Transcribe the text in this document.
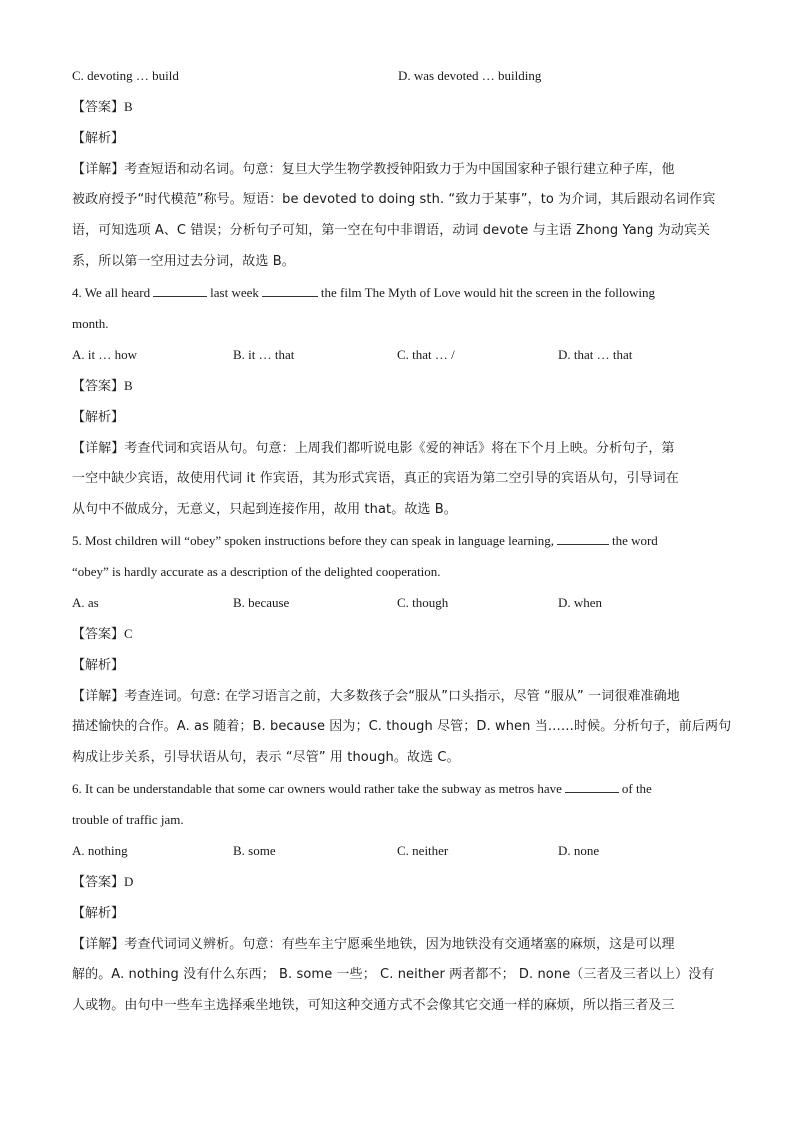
C. devoting … build	D. was devoted … building
【答案】B
【解析】
【详解】考查短语和动名词。句意：复旦大学生物学教授钟阳致力于为中国国家种子银行建立种子库，他
被政府授予“时代模范”称号。短语：be devoted to doing sth. “致力于某事”，to 为介词，其后跟动名词作宾
语，可知选项 A、C 错误；分析句子可知，第一空在句中非谓语，动词 devote 与主语 Zhong Yang 为动宾关
系，所以第一空用过去分词，故选 B。
4. We all heard	last week	the film The Myth of Love would hit the screen in the following
month.
A. it … how	B. it … that	C. that … /	D. that … that
【答案】B
【解析】
【详解】考查代词和宾语从句。句意：上周我们都听说电影《爱的神话》将在下个月上映。分析句子，第
一空中缺少宾语，故使用代词 it 作宾语，其为形式宾语，真正的宾语为第二空引导的宾语从句，引导词在
从句中不做成分，无意义，只起到连接作用，故用 that。故选 B。
5. Most children will “obey” spoken instructions before they can speak in language learning,	the word
“obey” is hardly accurate as a description of the delighted cooperation.
A. as	B. because	C. though	D. when
【答案】C
【解析】
【详解】考查连词。句意: 在学习语言之前，大多数孩子会“服从”口头指示，尽管 “服从” 一词很难准确地
描述愉快的合作。A. as 随着；B. because 因为；C. though 尽管；D. when 当……时候。分析句子，前后两句
构成让步关系，引导状语从句，表示 “尽管” 用 though。故选 C。
6. It can be understandable that some car owners would rather take the subway as metros have	of the
trouble of traffic jam.
A. nothing	B. some	C. neither	D. none
【答案】D
【解析】
【详解】考查代词词义辨析。句意：有些车主宁愿乘坐地铁，因为地铁没有交通堵塞的麻烦，这是可以理
解的。A. nothing 没有什么东西； B. some 一些； C. neither 两者都不； D. none（三者及三者以上）没有
人或物。由句中一些车主选择乘坐地铁，可知这种交通方式不会像其它交通一样的麻烦，所以指三者及三
